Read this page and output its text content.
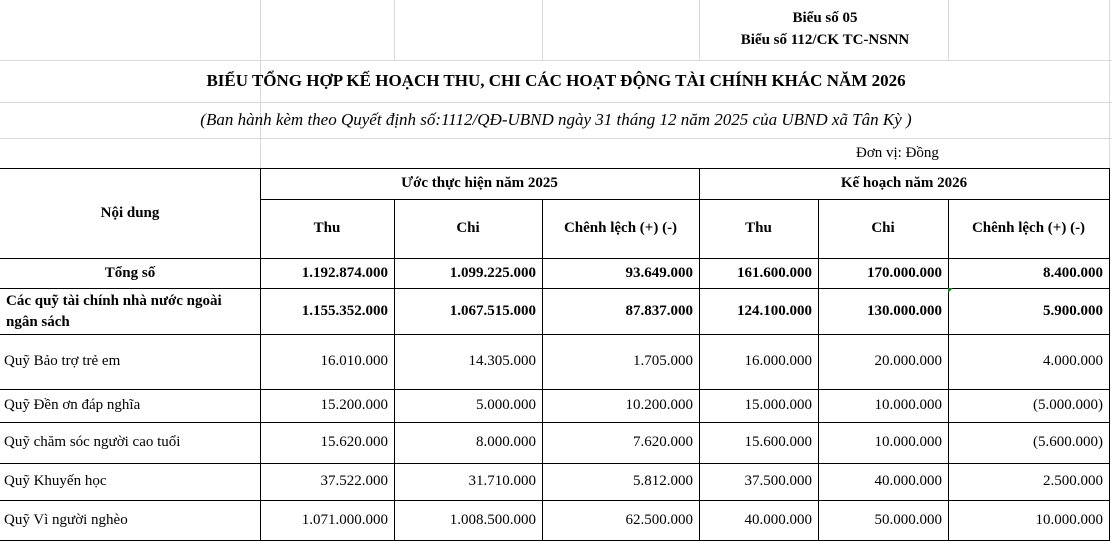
Biểu số 05
Biểu số 112/CK TC-NSNN
BIỂU TỔNG HỢP KẾ HOẠCH THU, CHI CÁC HOẠT ĐỘNG TÀI CHÍNH KHÁC NĂM 2026
(Ban hành kèm theo Quyết định số:1112/QĐ-UBND ngày 31 tháng 12 năm 2025 của UBND xã Tân Kỳ )
Đơn vị: Đồng
Nội dung
Ước thực hiện năm 2025	Kế hoạch năm 2026
Thu	Chi	Chênh lệch (+) (-)	Thu	Chi	Chênh lệch (+) (-)
Tổng số	1.192.874.000	1.099.225.000	93.649.000	161.600.000	170.000.000	8.400.000
Các quỹ tài chính nhà nước ngoài
ngân sách
1.155.352.000	1.067.515.000	87.837.000	124.100.000	130.000.000	5.900.000
Quỹ Bảo trợ trẻ em	16.010.000	14.305.000	1.705.000	16.000.000	20.000.000	4.000.000
Quỹ Đền ơn đáp nghĩa	15.200.000	5.000.000	10.200.000	15.000.000	10.000.000	(5.000.000)
Quỹ chăm sóc người cao tuổi	15.620.000	8.000.000	7.620.000	15.600.000	10.000.000	(5.600.000)
Quỹ Khuyến học	37.522.000	31.710.000	5.812.000	37.500.000	40.000.000	2.500.000
Quỹ Vì người nghèo	1.071.000.000	1.008.500.000	62.500.000	40.000.000	50.000.000	10.000.000
